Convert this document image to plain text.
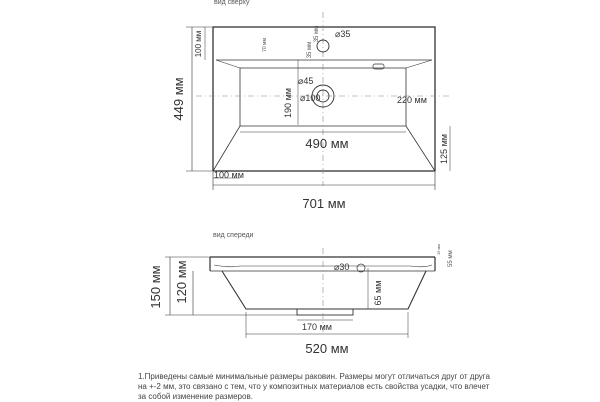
вид сверху
701 мм
449 мм
100 мм	70 мм	35 мм
35 мм ⌀35
⌀45
⌀100
190 мм	220 мм
490 мм	125 мм
100 мм
вид спереди
150 мм 120 мм
15 мм
55 мм
⌀30
65 мм
170 мм
520 мм
1.Приведены самые минимальные размеры раковин. Размеры могут отличаться друг от друга на +-2 мм, это связано с тем, что у композитных материалов есть свойства усадки, что влечет за собой изменение размеров.
